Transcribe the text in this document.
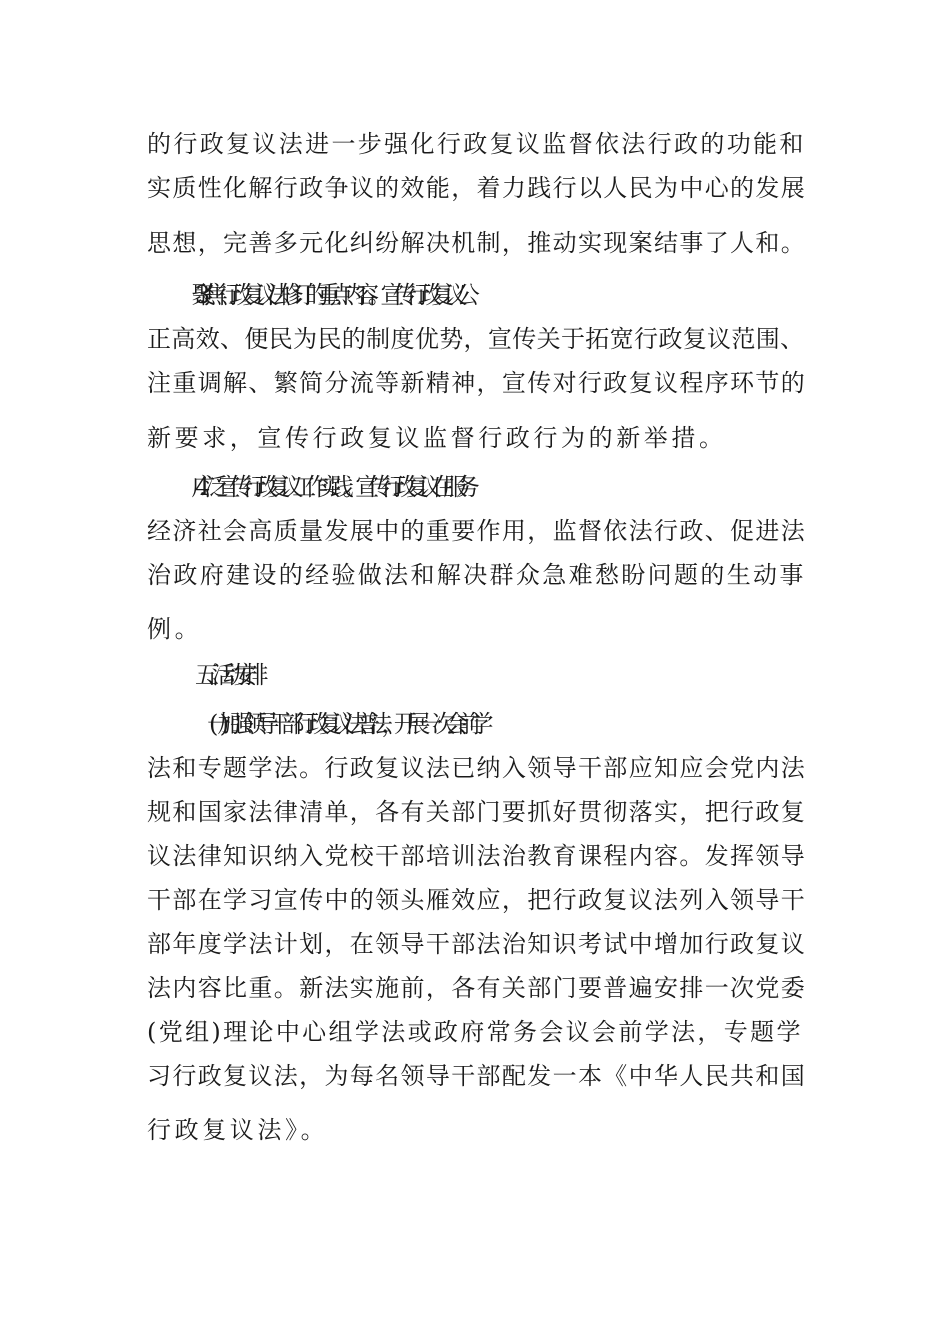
的行政复议法进一步强化行政复议监督依法行政的功能和
实质性化解行政争议的效能，着力践行以人民为中心的发展
思想，完善多元化纠纷解决机制，推动实现案结事了人和。
3. 聚焦行政复议法修订的重点内容。宣传行政复议公
正高效、便民为民的制度优势，宣传关于拓宽行政复议范围、
注重调解、繁简分流等新精神，宣传对行政复议程序环节的
新要求，宣传行政复议监督行政行为的新举措。
4. 广泛宣传行政复议工作实践。宣传行政复议在服务
经济社会高质量发展中的重要作用，监督依法行政、促进法
治政府建设的经验做法和解决群众急难愁盼问题的生动事
例。
五、 活动安排
(一)加强领导干部行政复议法普法，开展一次会前学
法和专题学法。行政复议法已纳入领导干部应知应会党内法
规和国家法律清单，各有关部门要抓好贯彻落实，把行政复
议法律知识纳入党校干部培训法治教育课程内容。发挥领导
干部在学习宣传中的领头雁效应，把行政复议法列入领导干
部年度学法计划，在领导干部法治知识考试中增加行政复议
法内容比重。新法实施前，各有关部门要普遍安排一次党委
(党组)理论中心组学法或政府常务会议会前学法，专题学
习行政复议法，为每名领导干部配发一本《中华人民共和国
行政复议法》。
